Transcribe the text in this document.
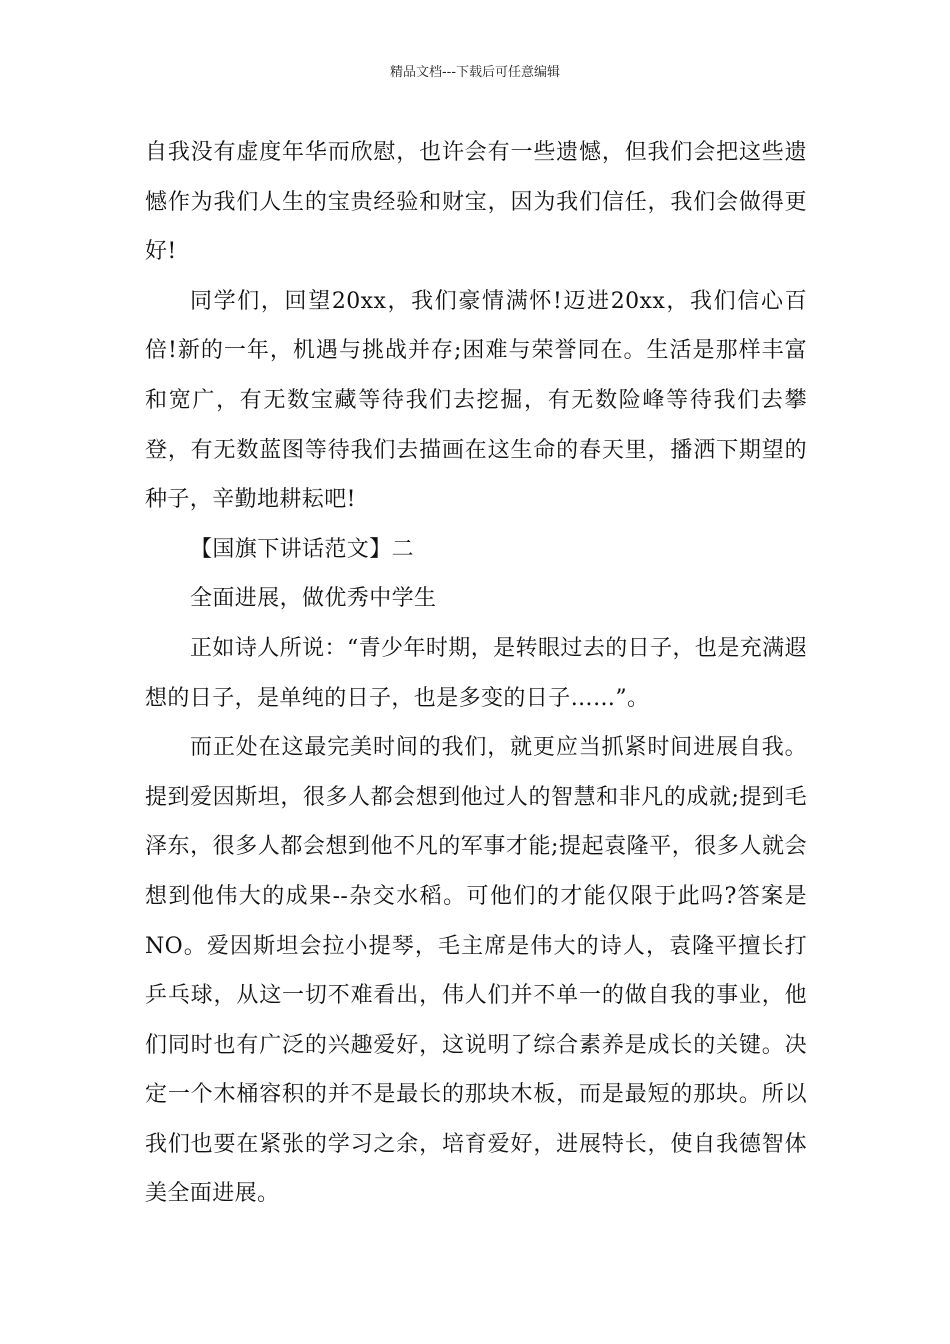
精品文档---下载后可任意编辑

自我没有虚度年华而欣慰，也许会有一些遗憾，但我们会把这些遗憾作为我们人生的宝贵经验和财宝，因为我们信任，我们会做得更好!

同学们，回望20xx，我们豪情满怀!迈进20xx，我们信心百倍!新的一年，机遇与挑战并存;困难与荣誉同在。生活是那样丰富和宽广，有无数宝藏等待我们去挖掘，有无数险峰等待我们去攀登，有无数蓝图等待我们去描画在这生命的春天里，播洒下期望的种子，辛勤地耕耘吧!

【国旗下讲话范文】二

全面进展，做优秀中学生

正如诗人所说：“青少年时期，是转眼过去的日子，也是充满遐想的日子，是单纯的日子，也是多变的日子……”。

而正处在这最完美时间的我们，就更应当抓紧时间进展自我。提到爱因斯坦，很多人都会想到他过人的智慧和非凡的成就;提到毛泽东，很多人都会想到他不凡的军事才能;提起袁隆平，很多人就会想到他伟大的成果--杂交水稻。可他们的才能仅限于此吗?答案是NO。爱因斯坦会拉小提琴，毛主席是伟大的诗人，袁隆平擅长打乒乓球，从这一切不难看出，伟人们并不单一的做自我的事业，他们同时也有广泛的兴趣爱好，这说明了综合素养是成长的关键。决定一个木桶容积的并不是最长的那块木板，而是最短的那块。所以我们也要在紧张的学习之余，培育爱好，进展特长，使自我德智体美全面进展。
